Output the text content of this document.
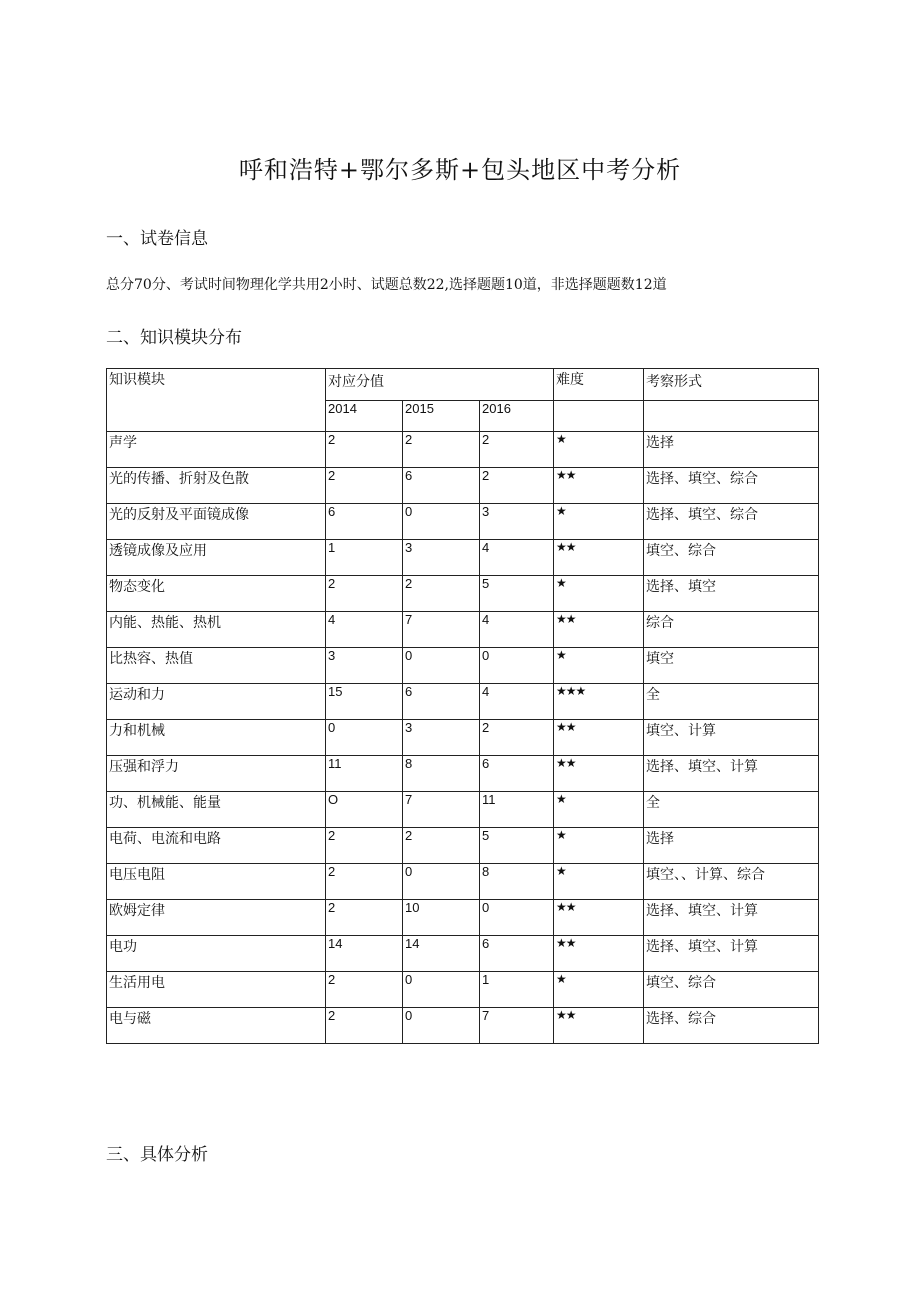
呼和浩特+鄂尔多斯+包头地区中考分析
一、试卷信息
总分70分、考试时间物理化学共用2小时、试题总数22,选择题题10道，非选择题题数12道
二、知识模块分布
知识模块	对应分值			难度	考察形式
	2014	2015	2016		
声学	2	2	2	★	选择
光的传播、折射及色散	2	6	2	★★	选择、填空、综合
光的反射及平面镜成像	6	0	3	★	选择、填空、综合
透镜成像及应用	1	3	4	★★	填空、综合
物态变化	2	2	5	★	选择、填空
内能、热能、热机	4	7	4	★★	综合
比热容、热值	3	0	0	★	填空
运动和力	15	6	4	★★★	全
力和机械	0	3	2	★★	填空、计算
压强和浮力	11	8	6	★★	选择、填空、计算
功、机械能、能量	O	7	11	★	全
电荷、电流和电路	2	2	5	★	选择
电压电阻	2	0	8	★	填空、、计算、综合
欧姆定律	2	10	0	★★	选择、填空、计算
电功	14	14	6	★★	选择、填空、计算
生活用电	2	0	1	★	填空、综合
电与磁	2	0	7	★★	选择、综合
三、具体分析
